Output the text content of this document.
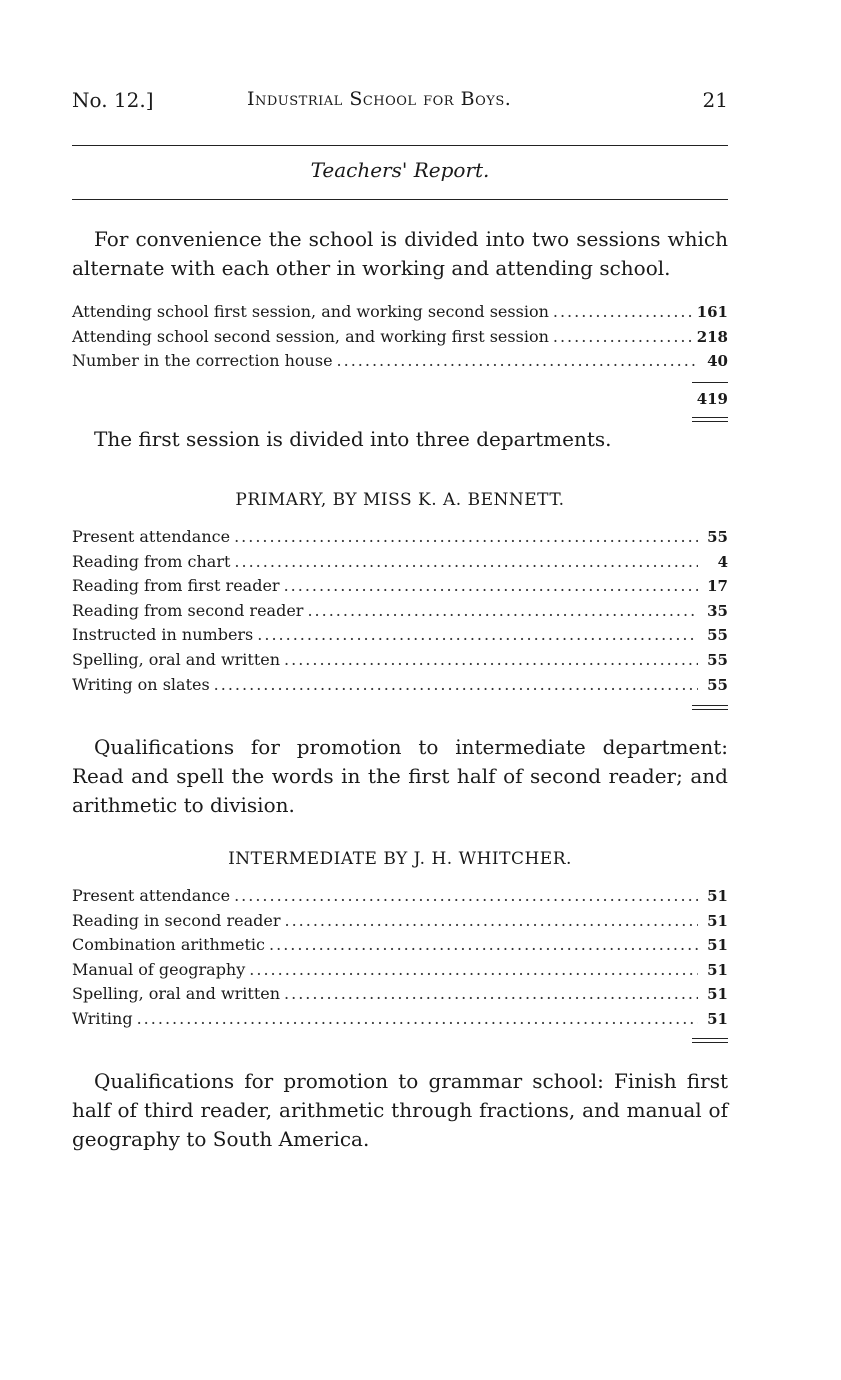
No. 12.]	Industrial School for Boys.	21
Teachers' Report.
For convenience the school is divided into two sessions which alternate with each other in working and attending school.
Attending school first session, and working second session .....	161
Attending school second session, and working first session .....	218
Number in the correction house .....	40
419
The first session is divided into three departments.
PRIMARY, BY MISS K. A. BENNETT.
Present attendance .....	55
Reading from chart .....	4
Reading from first reader .....	17
Reading from second reader .....	35
Instructed in numbers .....	55
Spelling, oral and written .....	55
Writing on slates .....	55
Qualifications for promotion to intermediate department: Read and spell the words in the first half of second reader; and arithmetic to division.
INTERMEDIATE BY J. H. WHITCHER.
Present attendance .....	51
Reading in second reader .....	51
Combination arithmetic .....	51
Manual of geography .....	51
Spelling, oral and written .....	51
Writing .....	51
Qualifications for promotion to grammar school: Finish first half of third reader, arithmetic through fractions, and manual of geography to South America.
